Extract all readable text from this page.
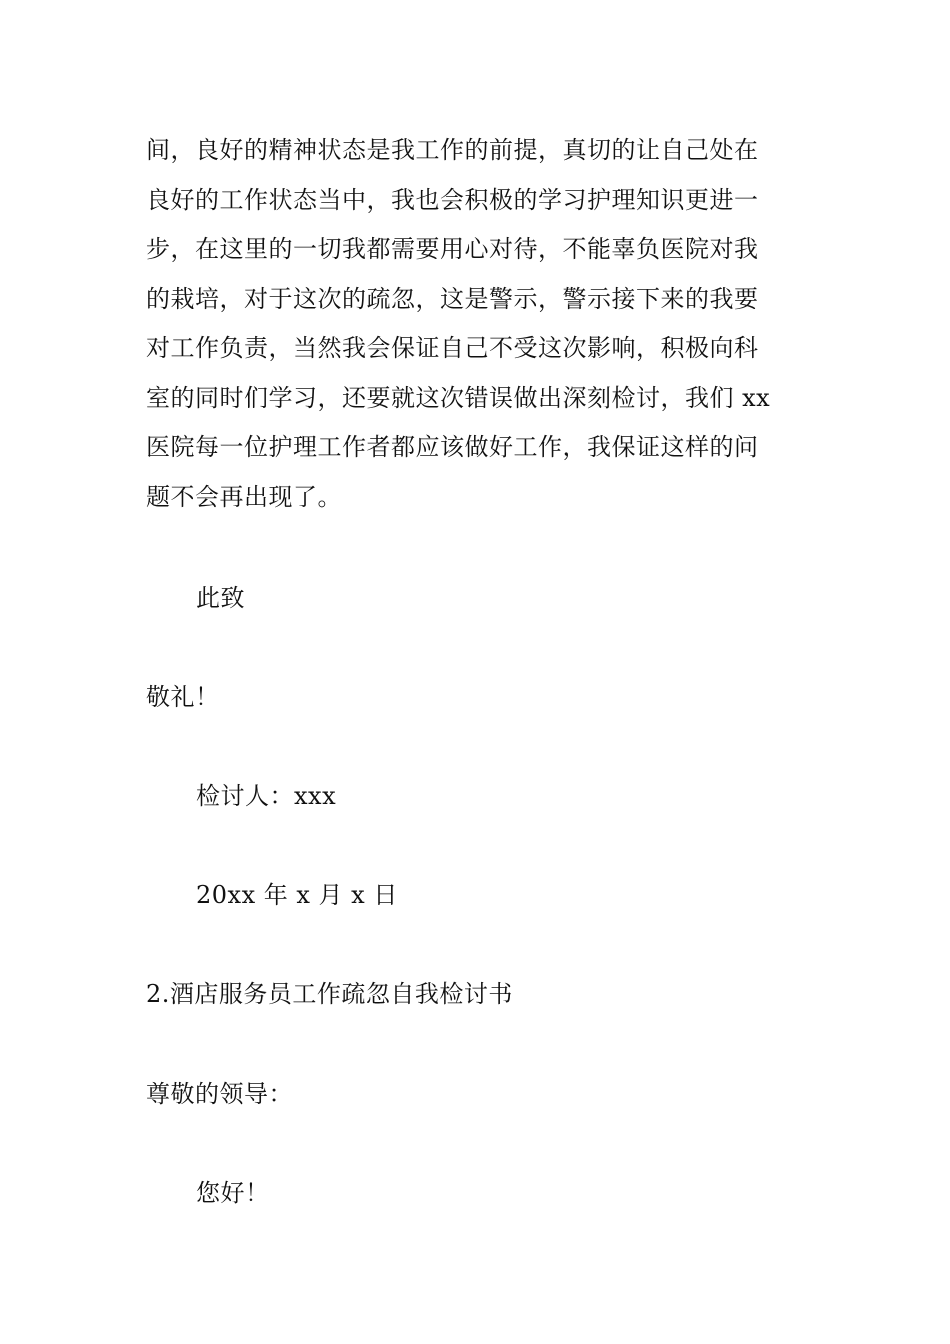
间，良好的精神状态是我工作的前提，真切的让自己处在
良好的工作状态当中，我也会积极的学习护理知识更进一
步，在这里的一切我都需要用心对待，不能辜负医院对我
的栽培，对于这次的疏忽，这是警示，警示接下来的我要
对工作负责，当然我会保证自己不受这次影响，积极向科
室的同时们学习，还要就这次错误做出深刻检讨，我们 xx
医院每一位护理工作者都应该做好工作，我保证这样的问
题不会再出现了。

此致

敬礼！

检讨人：xxx

20xx 年 x 月 x 日

2.酒店服务员工作疏忽自我检讨书

尊敬的领导：

您好！
